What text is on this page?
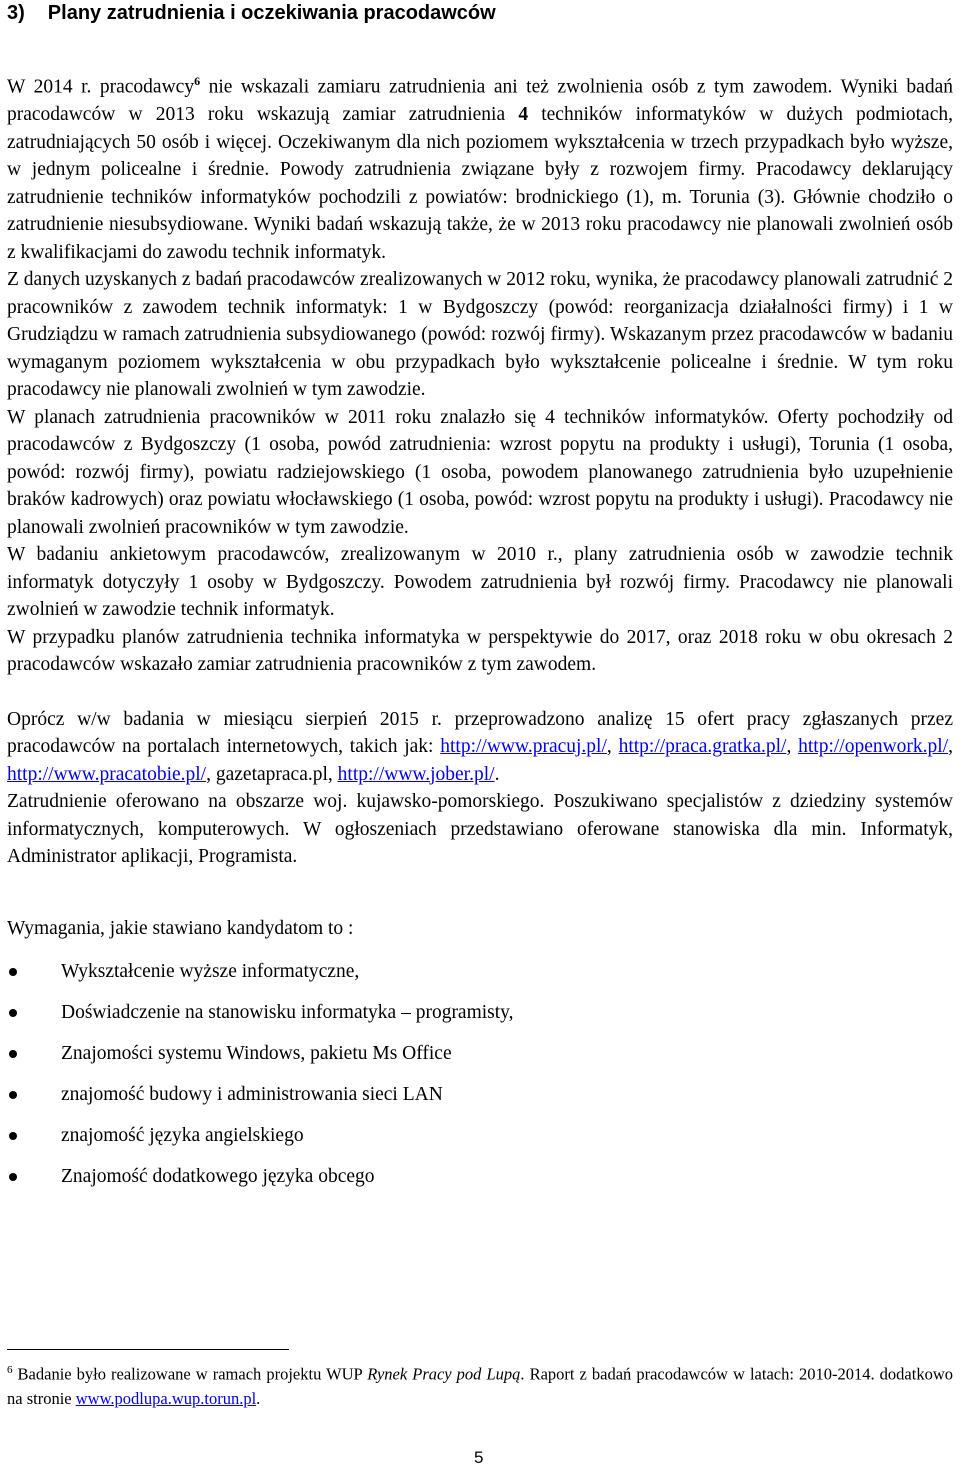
3) Plany zatrudnienia i oczekiwania pracodawców

W 2014 r. pracodawcy$^6$ nie wskazali zamiaru zatrudnienia ani też zwolnienia osób z tym zawodem. Wyniki badań pracodawców w 2013 roku wskazują zamiar zatrudnienia 4 techników informatyków w dużych podmiotach, zatrudniających 50 osób i więcej. Oczekiwanym dla nich poziomem wykształcenia w trzech przypadkach było wyższe, w jednym policealne i średnie. Powody zatrudnienia związane były z rozwojem firmy. Pracodawcy deklarujący zatrudnienie techników informatyków pochodzili z powiatów: brodnickiego (1), m. Torunia (3). Głównie chodziło o zatrudnienie niesubsydiowane. Wyniki badań wskazują także, że w 2013 roku pracodawcy nie planowali zwolnień osób z kwalifikacjami do zawodu technik informatyk.

Z danych uzyskanych z badań pracodawców zrealizowanych w 2012 roku, wynika, że pracodawcy planowali zatrudnić 2 pracowników z zawodem technik informatyk: 1 w Bydgoszczy (powód: reorganizacja działalności firmy) i 1 w Grudziądzu w ramach zatrudnienia subsydiowanego (powód: rozwój firmy). Wskazanym przez pracodawców w badaniu wymaganym poziomem wykształcenia w obu przypadkach było wykształcenie policealne i średnie. W tym roku pracodawcy nie planowali zwolnień w tym zawodzie.

W planach zatrudnienia pracowników w 2011 roku znalazło się 4 techników informatyków. Oferty pochodziły od pracodawców z Bydgoszczy (1 osoba, powód zatrudnienia: wzrost popytu na produkty i usługi), Torunia (1 osoba, powód: rozwój firmy), powiatu radziejowskiego (1 osoba, powodem planowanego zatrudnienia było uzupełnienie braków kadrowych) oraz powiatu włocławskiego (1 osoba, powód: wzrost popytu na produkty i usługi). Pracodawcy nie planowali zwolnień pracowników w tym zawodzie.

W badaniu ankietowym pracodawców, zrealizowanym w 2010 r., plany zatrudnienia osób w zawodzie technik informatyk dotyczyły 1 osoby w Bydgoszczy. Powodem zatrudnienia był rozwój firmy. Pracodawcy nie planowali zwolnień w zawodzie technik informatyk.

W przypadku planów zatrudnienia technika informatyka w perspektywie do 2017, oraz 2018 roku w obu okresach 2 pracodawców wskazało zamiar zatrudnienia pracowników z tym zawodem.

Oprócz w/w badania w miesiącu sierpień 2015 r. przeprowadzono analizę 15 ofert pracy zgłaszanych przez pracodawców na portalach internetowych, takich jak: http://www.pracuj.pl/, http://praca.gratka.pl/, http://openwork.pl/, http://www.pracatobie.pl/, gazetapraca.pl, http://www.jober.pl/.

Zatrudnienie oferowano na obszarze woj. kujawsko-pomorskiego. Poszukiwano specjalistów z dziedziny systemów informatycznych, komputerowych. W ogłoszeniach przedstawiano oferowane stanowiska dla min. Informatyk, Administrator aplikacji, Programista.

Wymagania, jakie stawiano kandydatom to :

Wykształcenie wyższe informatyczne,
Doświadczenie na stanowisku informatyka – programisty,
Znajomości systemu Windows, pakietu Ms Office
znajomość budowy i administrowania sieci LAN
znajomość języka angielskiego
Znajomość dodatkowego języka obcego
$^6$ Badanie było realizowane w ramach projektu WUP Rynek Pracy pod Lupą. Raport z badań pracodawców w latach: 2010-2014. dodatkowo na stronie www.podlupa.wup.torun.pl.
5
